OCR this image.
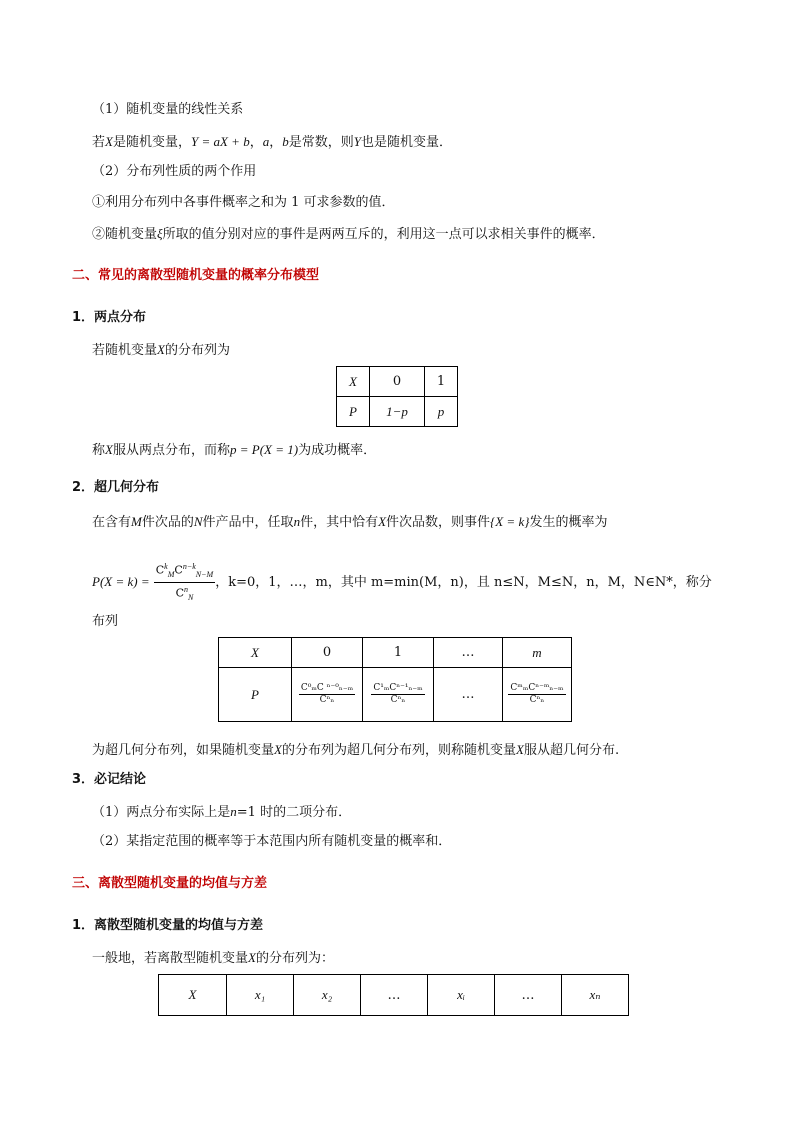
（1）随机变量的线性关系
若X是随机变量，Y = aX + b，a，b是常数，则Y也是随机变量．
（2）分布列性质的两个作用
①利用分布列中各事件概率之和为 1 可求参数的值．
②随机变量ξ所取的值分别对应的事件是两两互斥的，利用这一点可以求相关事件的概率．
二、常见的离散型随机变量的概率分布模型
1．两点分布
若随机变量X的分布列为
X	0	1
P	1−p	p
称X服从两点分布，而称p = P(X = 1)为成功概率．
2．超几何分布
在含有M件次品的N件产品中，任取n件，其中恰有X件次品数，则事件{X = k}发生的概率为
$P(X = k) = \frac{C^k_MC^{n-k}_{N-M}}{C^n_N}$ ，k=0，1，…，m，其中 m=min(M，n)，且 n≤N，M≤N，n，M，N∈N*，称分
布列
X	0	1	…	m
P	$\frac{\text{C⁰ₘC ⁿ⁻⁰ₙ₋ₘ}}{\text{Cⁿₙ}}$	$\frac{\text{C¹ₘCⁿ⁻¹ₙ₋ₘ}}{\text{Cⁿₙ}}$	…	$\frac{\text{CᵐₘCⁿ⁻ᵐₙ₋ₘ}}{\text{Cⁿₙ}}$
为超几何分布列，如果随机变量X的分布列为超几何分布列，则称随机变量X服从超几何分布.
3．必记结论
（1）两点分布实际上是n=1 时的二项分布．
（2）某指定范围的概率等于本范围内所有随机变量的概率和．
三、离散型随机变量的均值与方差
1．离散型随机变量的均值与方差
一般地，若离散型随机变量X的分布列为：
X	x₁	x₂	…	xᵢ	…	xₙ
